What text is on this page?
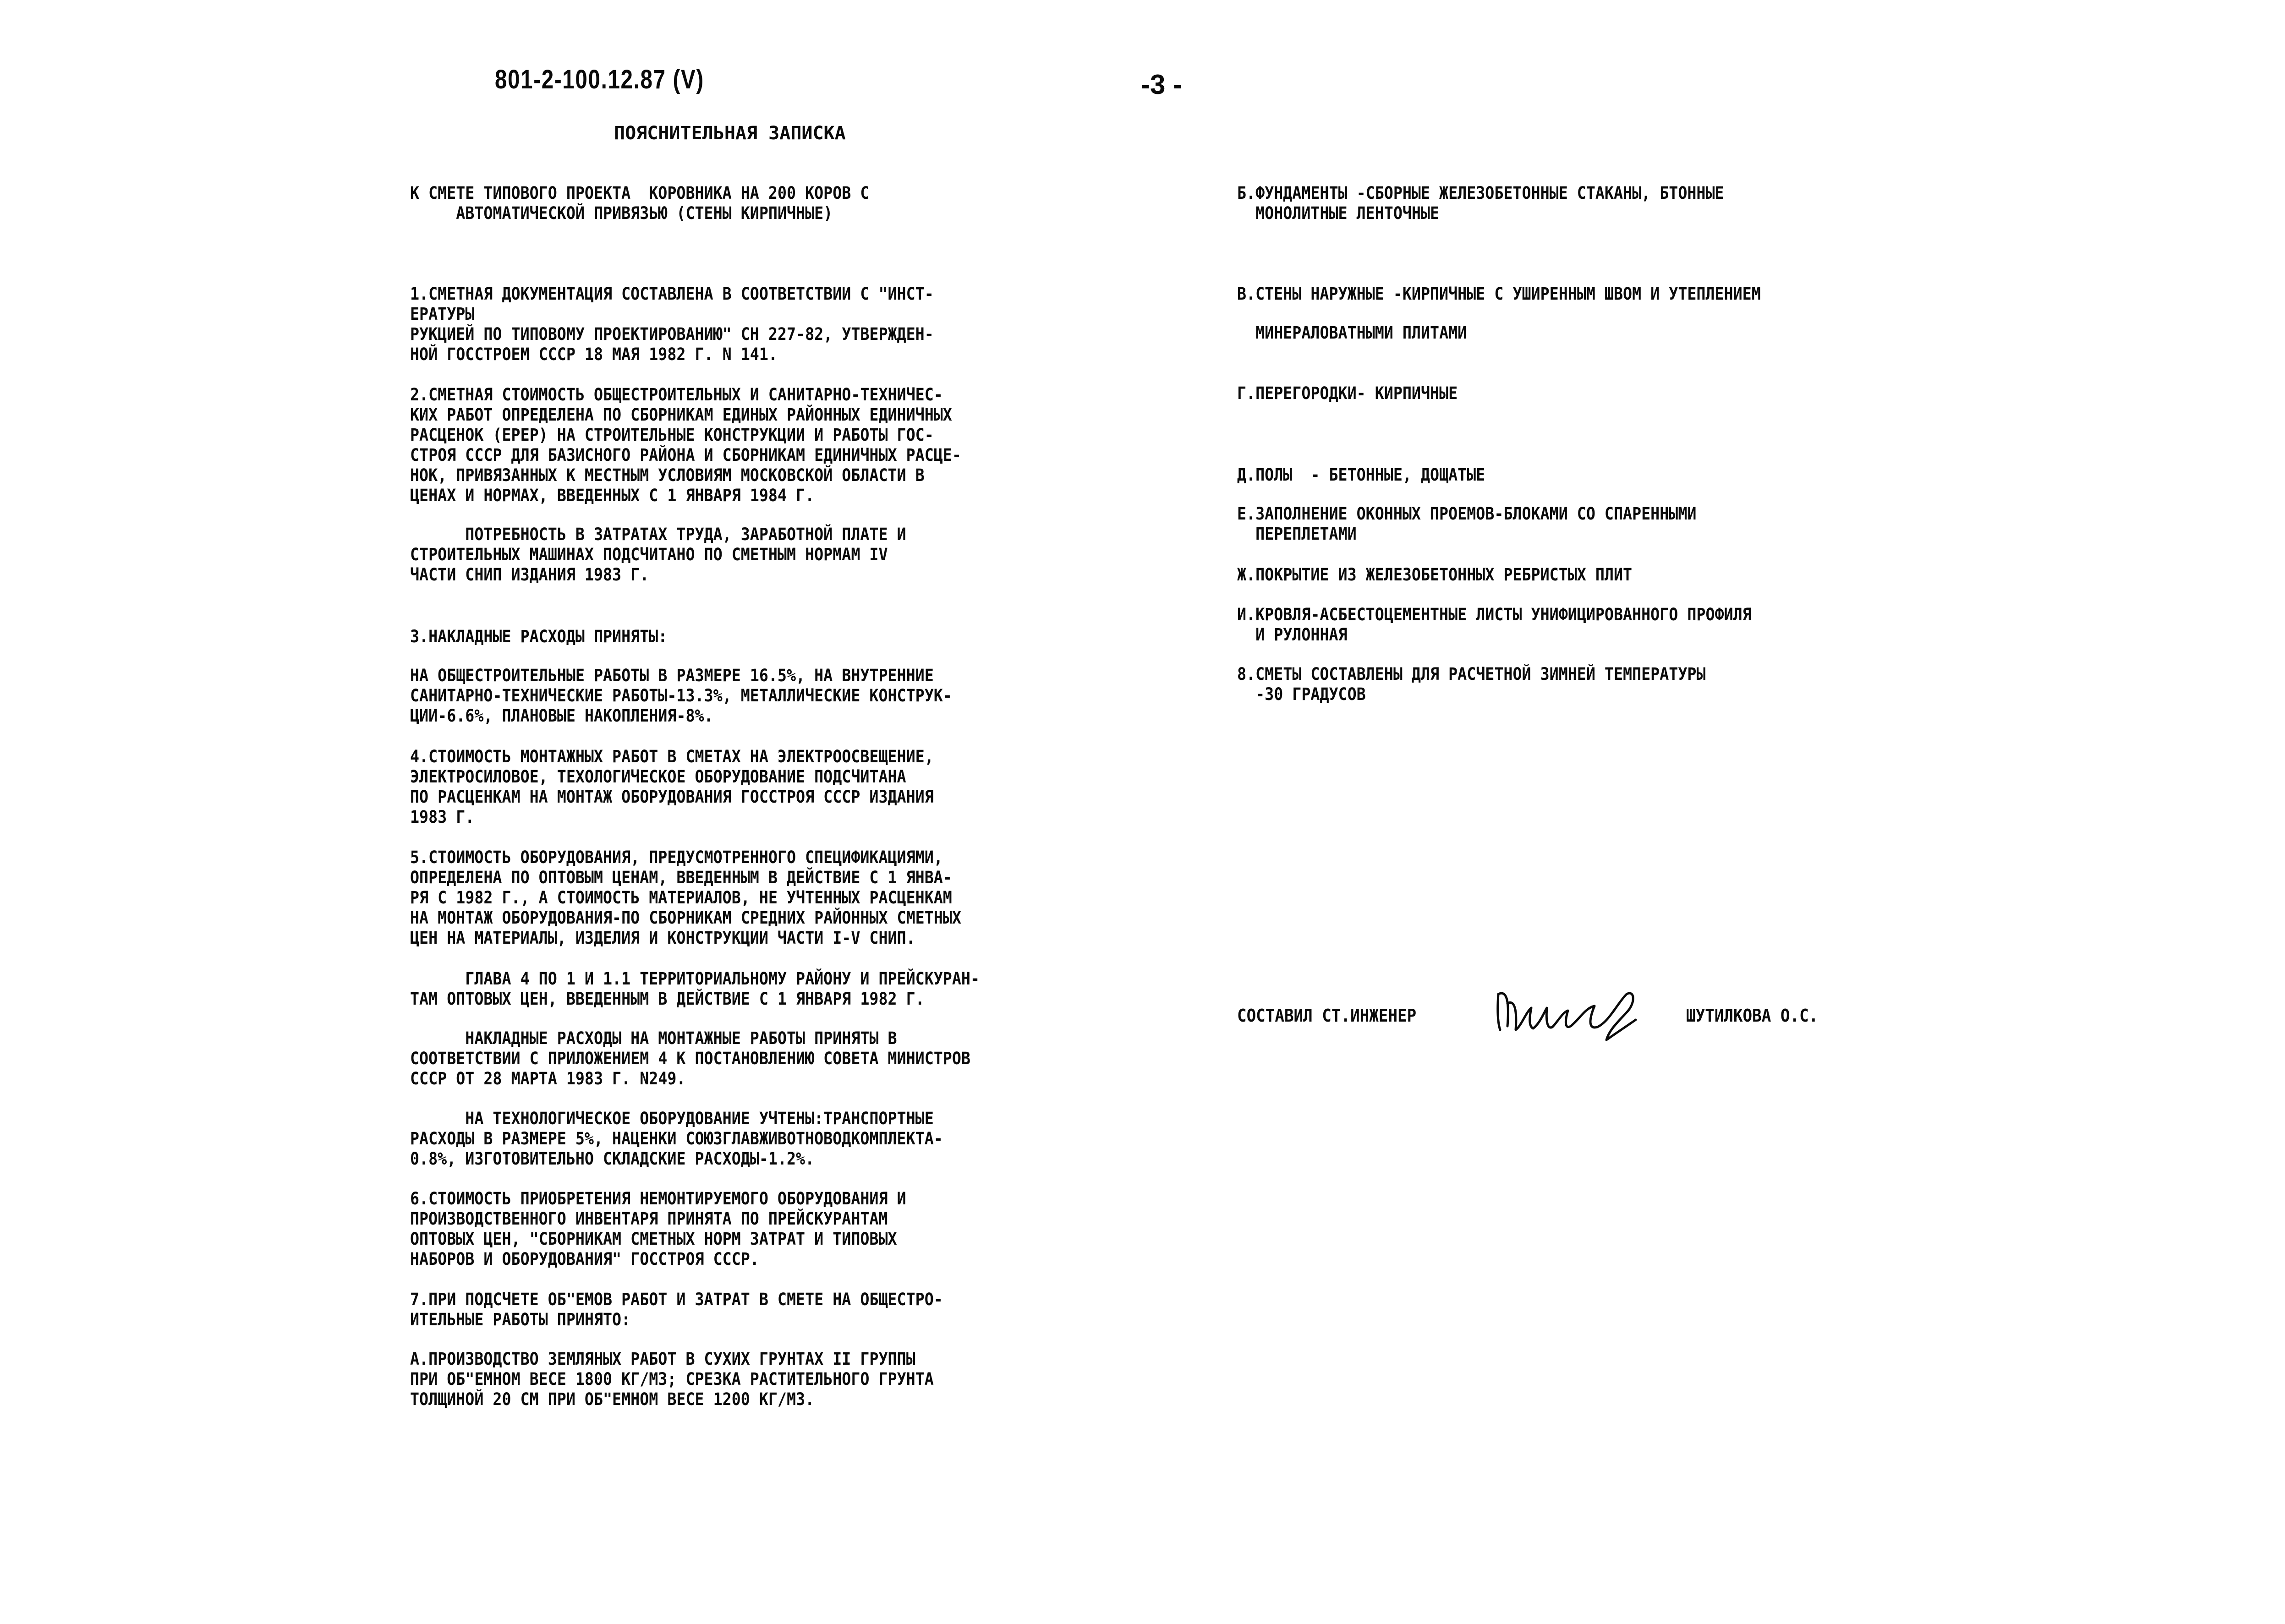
801-2-100.12.87 (V)	-3 -
ПОЯСНИТЕЛЬНАЯ ЗАПИСКА
К СМЕТЕ ТИПОВОГО ПРОЕКТА  КОРОВНИКА НА 200 КОРОВ С
АВТОМАТИЧЕСКОЙ ПРИВЯЗЬЮ (СТЕНЫ КИРПИЧНЫЕ)
1.СМЕТНАЯ ДОКУМЕНТАЦИЯ СОСТАВЛЕНА В СООТВЕТСТВИИ С "ИНСТ-
ЕРАТУРЫ
РУКЦИЕЙ ПО ТИПОВОМУ ПРОЕКТИРОВАНИЮ" СН 227-82, УТВЕРЖДЕН-
НОЙ ГОССТРОЕМ СССР 18 МАЯ 1982 Г. N 141.
2.СМЕТНАЯ СТОИМОСТЬ ОБЩЕСТРОИТЕЛЬНЫХ И САНИТАРНО-ТЕХНИЧЕС-
КИХ РАБОТ ОПРЕДЕЛЕНА ПО СБОРНИКАМ ЕДИНЫХ РАЙОННЫХ ЕДИНИЧНЫХ
РАСЦЕНОК (ЕРЕР) НА СТРОИТЕЛЬНЫЕ КОНСТРУКЦИИ И РАБОТЫ ГОС-
СТРОЯ СССР ДЛЯ БАЗИСНОГО РАЙОНА И СБОРНИКАМ ЕДИНИЧНЫХ РАСЦЕ-
НОК, ПРИВЯЗАННЫХ К МЕСТНЫМ УСЛОВИЯМ МОСКОВСКОЙ ОБЛАСТИ В
ЦЕНАХ И НОРМАХ, ВВЕДЕННЫХ С 1 ЯНВАРЯ 1984 Г.
ПОТРЕБНОСТЬ В ЗАТРАТАХ ТРУДА, ЗАРАБОТНОЙ ПЛАТЕ И
СТРОИТЕЛЬНЫХ МАШИНАХ ПОДСЧИТАНО ПО СМЕТНЫМ НОРМАМ IV
ЧАСТИ СНИП ИЗДАНИЯ 1983 Г.
3.НАКЛАДНЫЕ РАСХОДЫ ПРИНЯТЫ:
НА ОБЩЕСТРОИТЕЛЬНЫЕ РАБОТЫ В РАЗМЕРЕ 16.5%, НА ВНУТРЕННИЕ
САНИТАРНО-ТЕХНИЧЕСКИЕ РАБОТЫ-13.3%, МЕТАЛЛИЧЕСКИЕ КОНСТРУК-
ЦИИ-6.6%, ПЛАНОВЫЕ НАКОПЛЕНИЯ-8%.
4.СТОИМОСТЬ МОНТАЖНЫХ РАБОТ В СМЕТАХ НА ЭЛЕКТРООСВЕЩЕНИЕ,
ЭЛЕКТРОСИЛОВОЕ, ТЕХОЛОГИЧЕСКОЕ ОБОРУДОВАНИЕ ПОДСЧИТАНА
ПО РАСЦЕНКАМ НА МОНТАЖ ОБОРУДОВАНИЯ ГОССТРОЯ СССР ИЗДАНИЯ
1983 Г.
5.СТОИМОСТЬ ОБОРУДОВАНИЯ, ПРЕДУСМОТРЕННОГО СПЕЦИФИКАЦИЯМИ,
ОПРЕДЕЛЕНА ПО ОПТОВЫМ ЦЕНАМ, ВВЕДЕННЫМ В ДЕЙСТВИЕ С 1 ЯНВА-
РЯ С 1982 Г., А СТОИМОСТЬ МАТЕРИАЛОВ, НЕ УЧТЕННЫХ РАСЦЕНКАМ
НА МОНТАЖ ОБОРУДОВАНИЯ-ПО СБОРНИКАМ СРЕДНИХ РАЙОННЫХ СМЕТНЫХ
ЦЕН НА МАТЕРИАЛЫ, ИЗДЕЛИЯ И КОНСТРУКЦИИ ЧАСТИ I-V СНИП.
ГЛАВА 4 ПО 1 И 1.1 ТЕРРИТОРИАЛЬНОМУ РАЙОНУ И ПРЕЙСКУРАН-
ТАМ ОПТОВЫХ ЦЕН, ВВЕДЕННЫМ В ДЕЙСТВИЕ С 1 ЯНВАРЯ 1982 Г.
НАКЛАДНЫЕ РАСХОДЫ НА МОНТАЖНЫЕ РАБОТЫ ПРИНЯТЫ В
СООТВЕТСТВИИ С ПРИЛОЖЕНИЕМ 4 К ПОСТАНОВЛЕНИЮ СОВЕТА МИНИСТРОВ
СССР ОТ 28 МАРТА 1983 Г. N249.
НА ТЕХНОЛОГИЧЕСКОЕ ОБОРУДОВАНИЕ УЧТЕНЫ:ТРАНСПОРТНЫЕ
РАСХОДЫ В РАЗМЕРЕ 5%, НАЦЕНКИ СОЮЗГЛАВЖИВОТНОВОДКОМПЛЕКТА-
0.8%, ИЗГОТОВИТЕЛЬНО СКЛАДСКИЕ РАСХОДЫ-1.2%.
6.СТОИМОСТЬ ПРИОБРЕТЕНИЯ НЕМОНТИРУЕМОГО ОБОРУДОВАНИЯ И
ПРОИЗВОДСТВЕННОГО ИНВЕНТАРЯ ПРИНЯТА ПО ПРЕЙСКУРАНТАМ
ОПТОВЫХ ЦЕН, "СБОРНИКАМ СМЕТНЫХ НОРМ ЗАТРАТ И ТИПОВЫХ
НАБОРОВ И ОБОРУДОВАНИЯ" ГОССТРОЯ СССР.
7.ПРИ ПОДСЧЕТЕ ОБ"ЕМОВ РАБОТ И ЗАТРАТ В СМЕТЕ НА ОБЩЕСТРО-
ИТЕЛЬНЫЕ РАБОТЫ ПРИНЯТО:
А.ПРОИЗВОДСТВО ЗЕМЛЯНЫХ РАБОТ В СУХИХ ГРУНТАХ II ГРУППЫ
ПРИ ОБ"ЕМНОМ ВЕСЕ 1800 КГ/М3; СРЕЗКА РАСТИТЕЛЬНОГО ГРУНТА
ТОЛЩИНОЙ 20 СМ ПРИ ОБ"ЕМНОМ ВЕСЕ 1200 КГ/М3.
Б.ФУНДАМЕНТЫ -СБОРНЫЕ ЖЕЛЕЗОБЕТОННЫЕ СТАКАНЫ, БТОННЫЕ
МОНОЛИТНЫЕ ЛЕНТОЧНЫЕ
В.СТЕНЫ НАРУЖНЫЕ -КИРПИЧНЫЕ С УШИРЕННЫМ ШВОМ И УТЕПЛЕНИЕМ
МИНЕРАЛОВАТНЫМИ ПЛИТАМИ
Г.ПЕРЕГОРОДКИ- КИРПИЧНЫЕ
Д.ПОЛЫ  - БЕТОННЫЕ, ДОЩАТЫЕ
Е.ЗАПОЛНЕНИЕ ОКОННЫХ ПРОЕМОВ-БЛОКАМИ СО СПАРЕННЫМИ
ПЕРЕПЛЕТАМИ
Ж.ПОКРЫТИЕ ИЗ ЖЕЛЕЗОБЕТОННЫХ РЕБРИСТЫХ ПЛИТ
И.КРОВЛЯ-АСБЕСТОЦЕМЕНТНЫЕ ЛИСТЫ УНИФИЦИРОВАННОГО ПРОФИЛЯ
И РУЛОННАЯ
8.СМЕТЫ СОСТАВЛЕНЫ ДЛЯ РАСЧЕТНОЙ ЗИМНЕЙ ТЕМПЕРАТУРЫ
-30 ГРАДУСОВ
СОСТАВИЛ СТ.ИНЖЕНЕР	ШУТИЛКОВА О.С.
